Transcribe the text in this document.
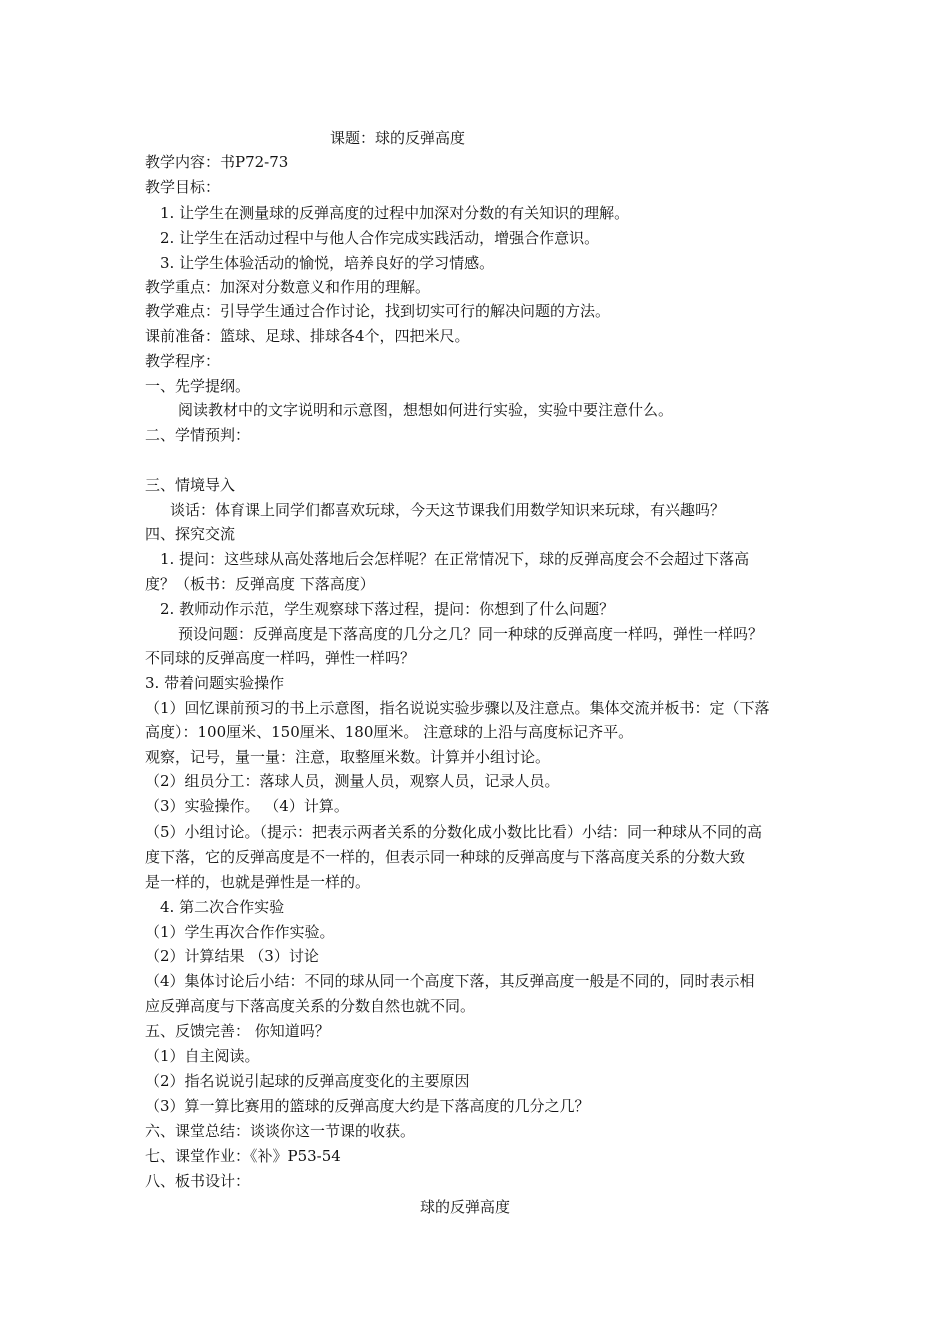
课题：球的反弹高度
教学内容：书P72-73
教学目标：
1. 让学生在测量球的反弹高度的过程中加深对分数的有关知识的理解。
2. 让学生在活动过程中与他人合作完成实践活动，增强合作意识。
3. 让学生体验活动的愉悦，培养良好的学习情感。
教学重点：加深对分数意义和作用的理解。
教学难点：引导学生通过合作讨论，找到切实可行的解决问题的方法。
课前准备：篮球、足球、排球各4个，四把米尺。
教学程序：
一、先学提纲。
阅读教材中的文字说明和示意图，想想如何进行实验，实验中要注意什么。
二、学情预判：
三、情境导入
谈话：体育课上同学们都喜欢玩球，今天这节课我们用数学知识来玩球，有兴趣吗？
四、探究交流
1. 提问：这些球从高处落地后会怎样呢？在正常情况下，球的反弹高度会不会超过下落高
度？（板书：反弹高度 下落高度）
2. 教师动作示范，学生观察球下落过程，提问：你想到了什么问题？
预设问题：反弹高度是下落高度的几分之几？同一种球的反弹高度一样吗，弹性一样吗？
不同球的反弹高度一样吗，弹性一样吗？
3. 带着问题实验操作
（1）回忆课前预习的书上示意图，指名说说实验步骤以及注意点。集体交流并板书：定（下落
高度）：100厘米、150厘米、180厘米。 注意球的上沿与高度标记齐平。
观察，记号，量一量：注意，取整厘米数。计算并小组讨论。
（2）组员分工：落球人员，测量人员，观察人员，记录人员。
（3）实验操作。 （4）计算。
（5）小组讨论。（提示：把表示两者关系的分数化成小数比比看）小结：同一种球从不同的高
度下落，它的反弹高度是不一样的，但表示同一种球的反弹高度与下落高度关系的分数大致
是一样的，也就是弹性是一样的。
4. 第二次合作实验
（1）学生再次合作作实验。
（2）计算结果 （3）讨论
（4）集体讨论后小结：不同的球从同一个高度下落，其反弹高度一般是不同的，同时表示相
应反弹高度与下落高度关系的分数自然也就不同。
五、反馈完善： 你知道吗？
（1）自主阅读。
（2）指名说说引起球的反弹高度变化的主要原因
（3）算一算比赛用的篮球的反弹高度大约是下落高度的几分之几？
六、课堂总结：谈谈你这一节课的收获。
七、课堂作业：《补》P53-54
八、板书设计：
球的反弹高度
